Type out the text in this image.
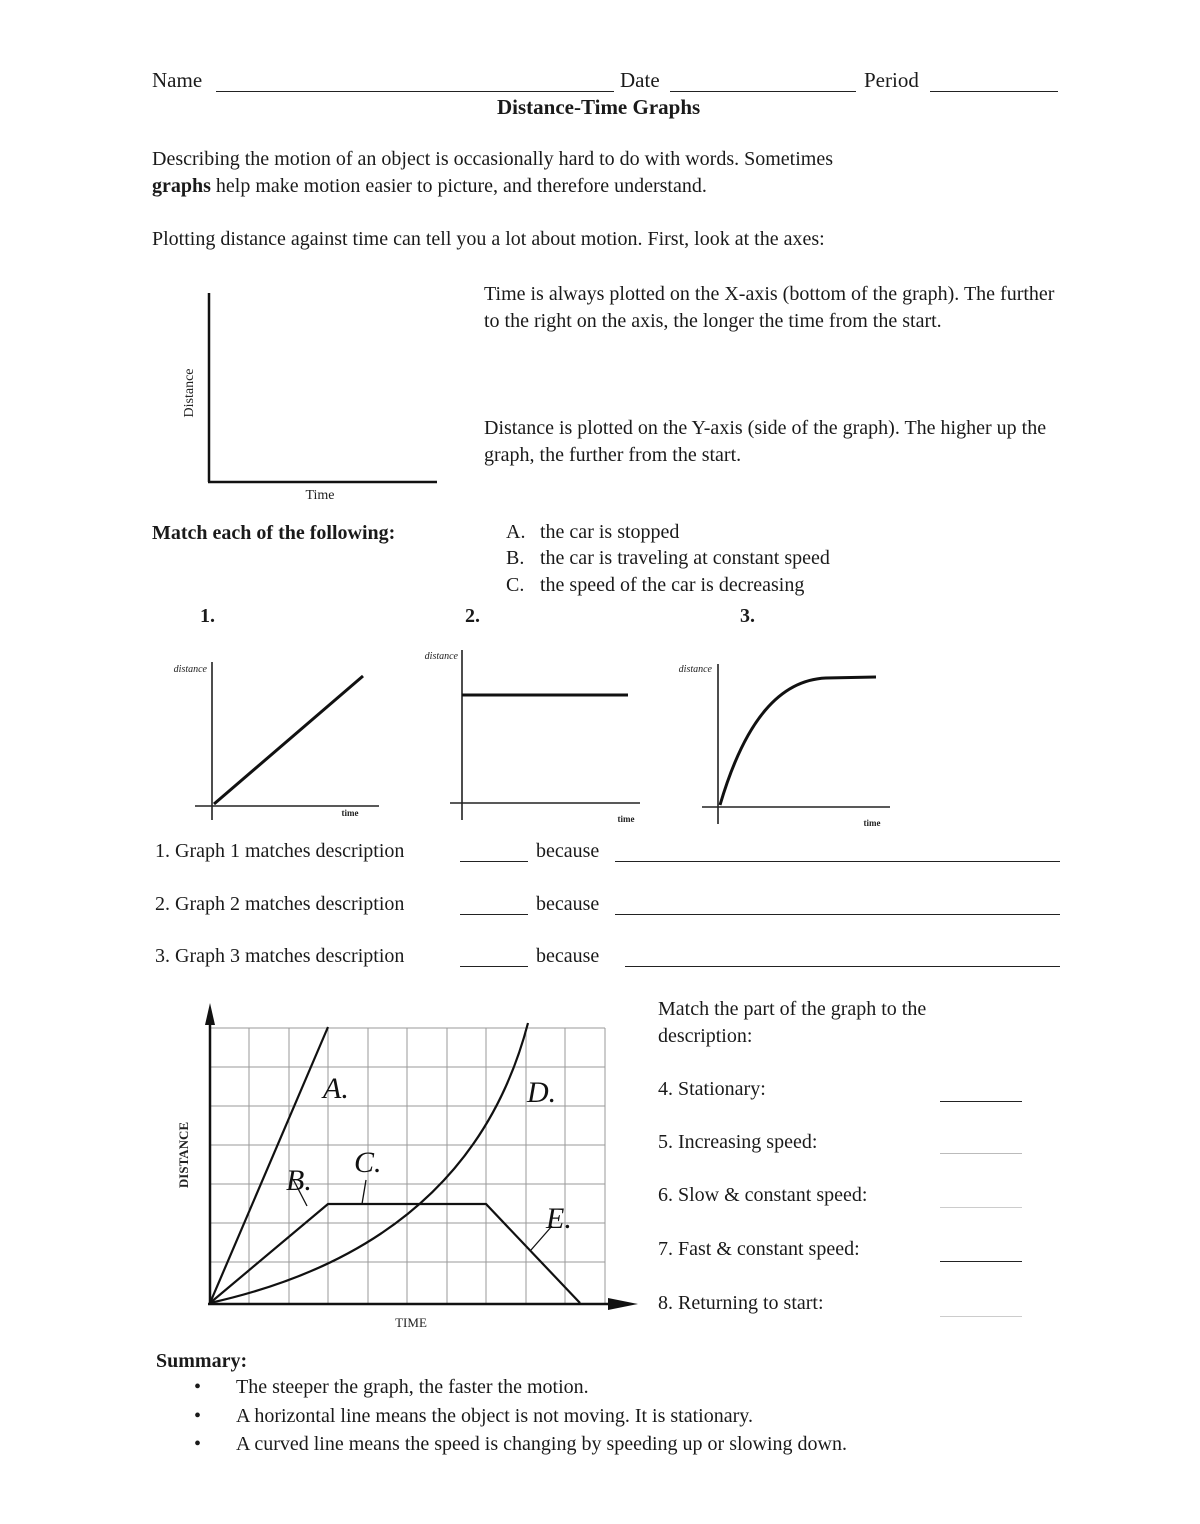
Name	Date	Period
Distance-Time Graphs
Describing the motion of an object is occasionally hard to do with words. Sometimes
graphs help make motion easier to picture, and therefore understand.
Plotting distance against time can tell you a lot about motion. First, look at the axes:
Distance
Time
Time is always plotted on the X-axis (bottom of the graph). The further to the right on the axis, the longer the time from the start.
Distance is plotted on the Y-axis (side of the graph). The higher up the graph, the further from the start.
Match each of the following:	A. the car is stopped
B. the car is traveling at constant speed
C. the speed of the car is decreasing
1.	2.	3.
distance
time
distance
time
distance
time
1. Graph 1 matches description	because
2. Graph 2 matches description	because
3. Graph 3 matches description	because
A.
B.
C.
D.
E.
DISTANCE
TIME
Match the part of the graph to the
description:
4. Stationary:
5. Increasing speed:
6. Slow & constant speed:
7. Fast & constant speed:
8. Returning to start:
Summary:
• The steeper the graph, the faster the motion.
• A horizontal line means the object is not moving. It is stationary.
• A curved line means the speed is changing by speeding up or slowing down.
